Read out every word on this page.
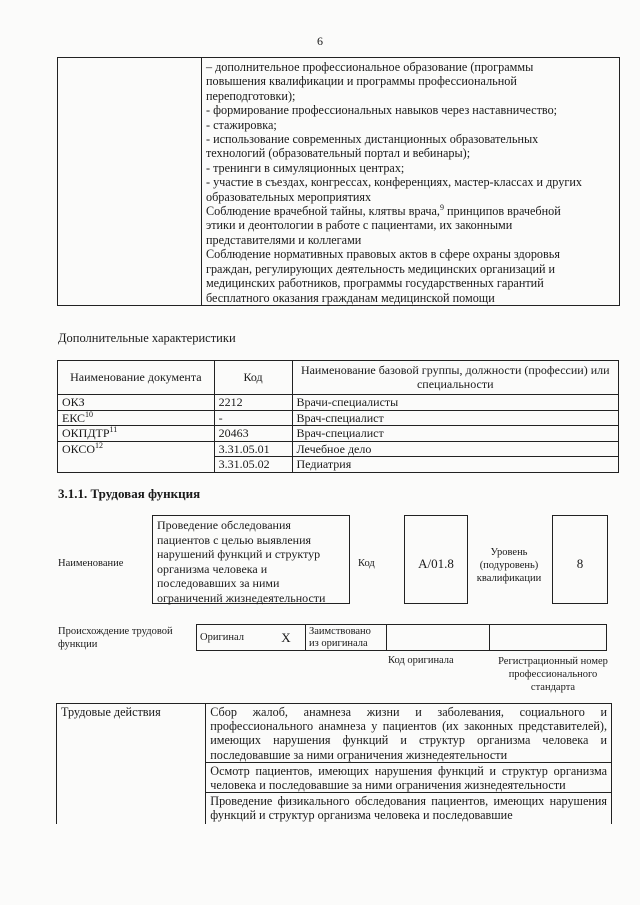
6

– дополнительное профессиональное образование (программы
повышения квалификации и программы профессиональной
переподготовки);
- формирование профессиональных навыков через наставничество;
- стажировка;
- использование современных дистанционных образовательных
технологий (образовательный портал и вебинары);
- тренинги в симуляционных центрах;
- участие в съездах, конгрессах, конференциях, мастер-классах и других
образовательных мероприятиях
Соблюдение врачебной тайны, клятвы врача,$^9$ принципов врачебной
этики и деонтологии в работе с пациентами, их законными
представителями и коллегами
Соблюдение нормативных правовых актов в сфере охраны здоровья
граждан, регулирующих деятельность медицинских организаций и
медицинских работников, программы государственных гарантий
бесплатного оказания гражданам медицинской помощи
Дополнительные характеристики
Наименование документа	Код	Наименование базовой группы, должности (профессии) или специальности
ОКЗ	2212	Врачи-специалисты
ЕКС$^{10}$	-	Врач-специалист
ОКПДТР$^{11}$	20463	Врач-специалист
ОКСО$^{12}$	3.31.05.01	Лечебное дело
	3.31.05.02	Педиатрия
3.1.1. Трудовая функция
Наименование
Проведение обследования
пациентов с целью выявления
нарушений функций и структур
организма человека и
последовавших за ними
ограничений жизнедеятельности
Код	А/01.8
Уровень (подуровень) квалификации
8
Происхождение трудовой функции
Оригинал	X	Заимствовано из оригинала		
Код оригинала	Регистрационный номер профессионального стандарта
Трудовые действия	Сбор жалоб, анамнеза жизни и заболевания, социального и профессионального анамнеза у пациентов (их законных представителей), имеющих нарушения функций и структур организма человека и последовавшие за ними ограничения жизнедеятельности
	Осмотр пациентов, имеющих нарушения функций и структур организма человека и последовавшие за ними ограничения жизнедеятельности
	Проведение физикального обследования пациентов, имеющих нарушения функций и структур организма человека и последовавшие
